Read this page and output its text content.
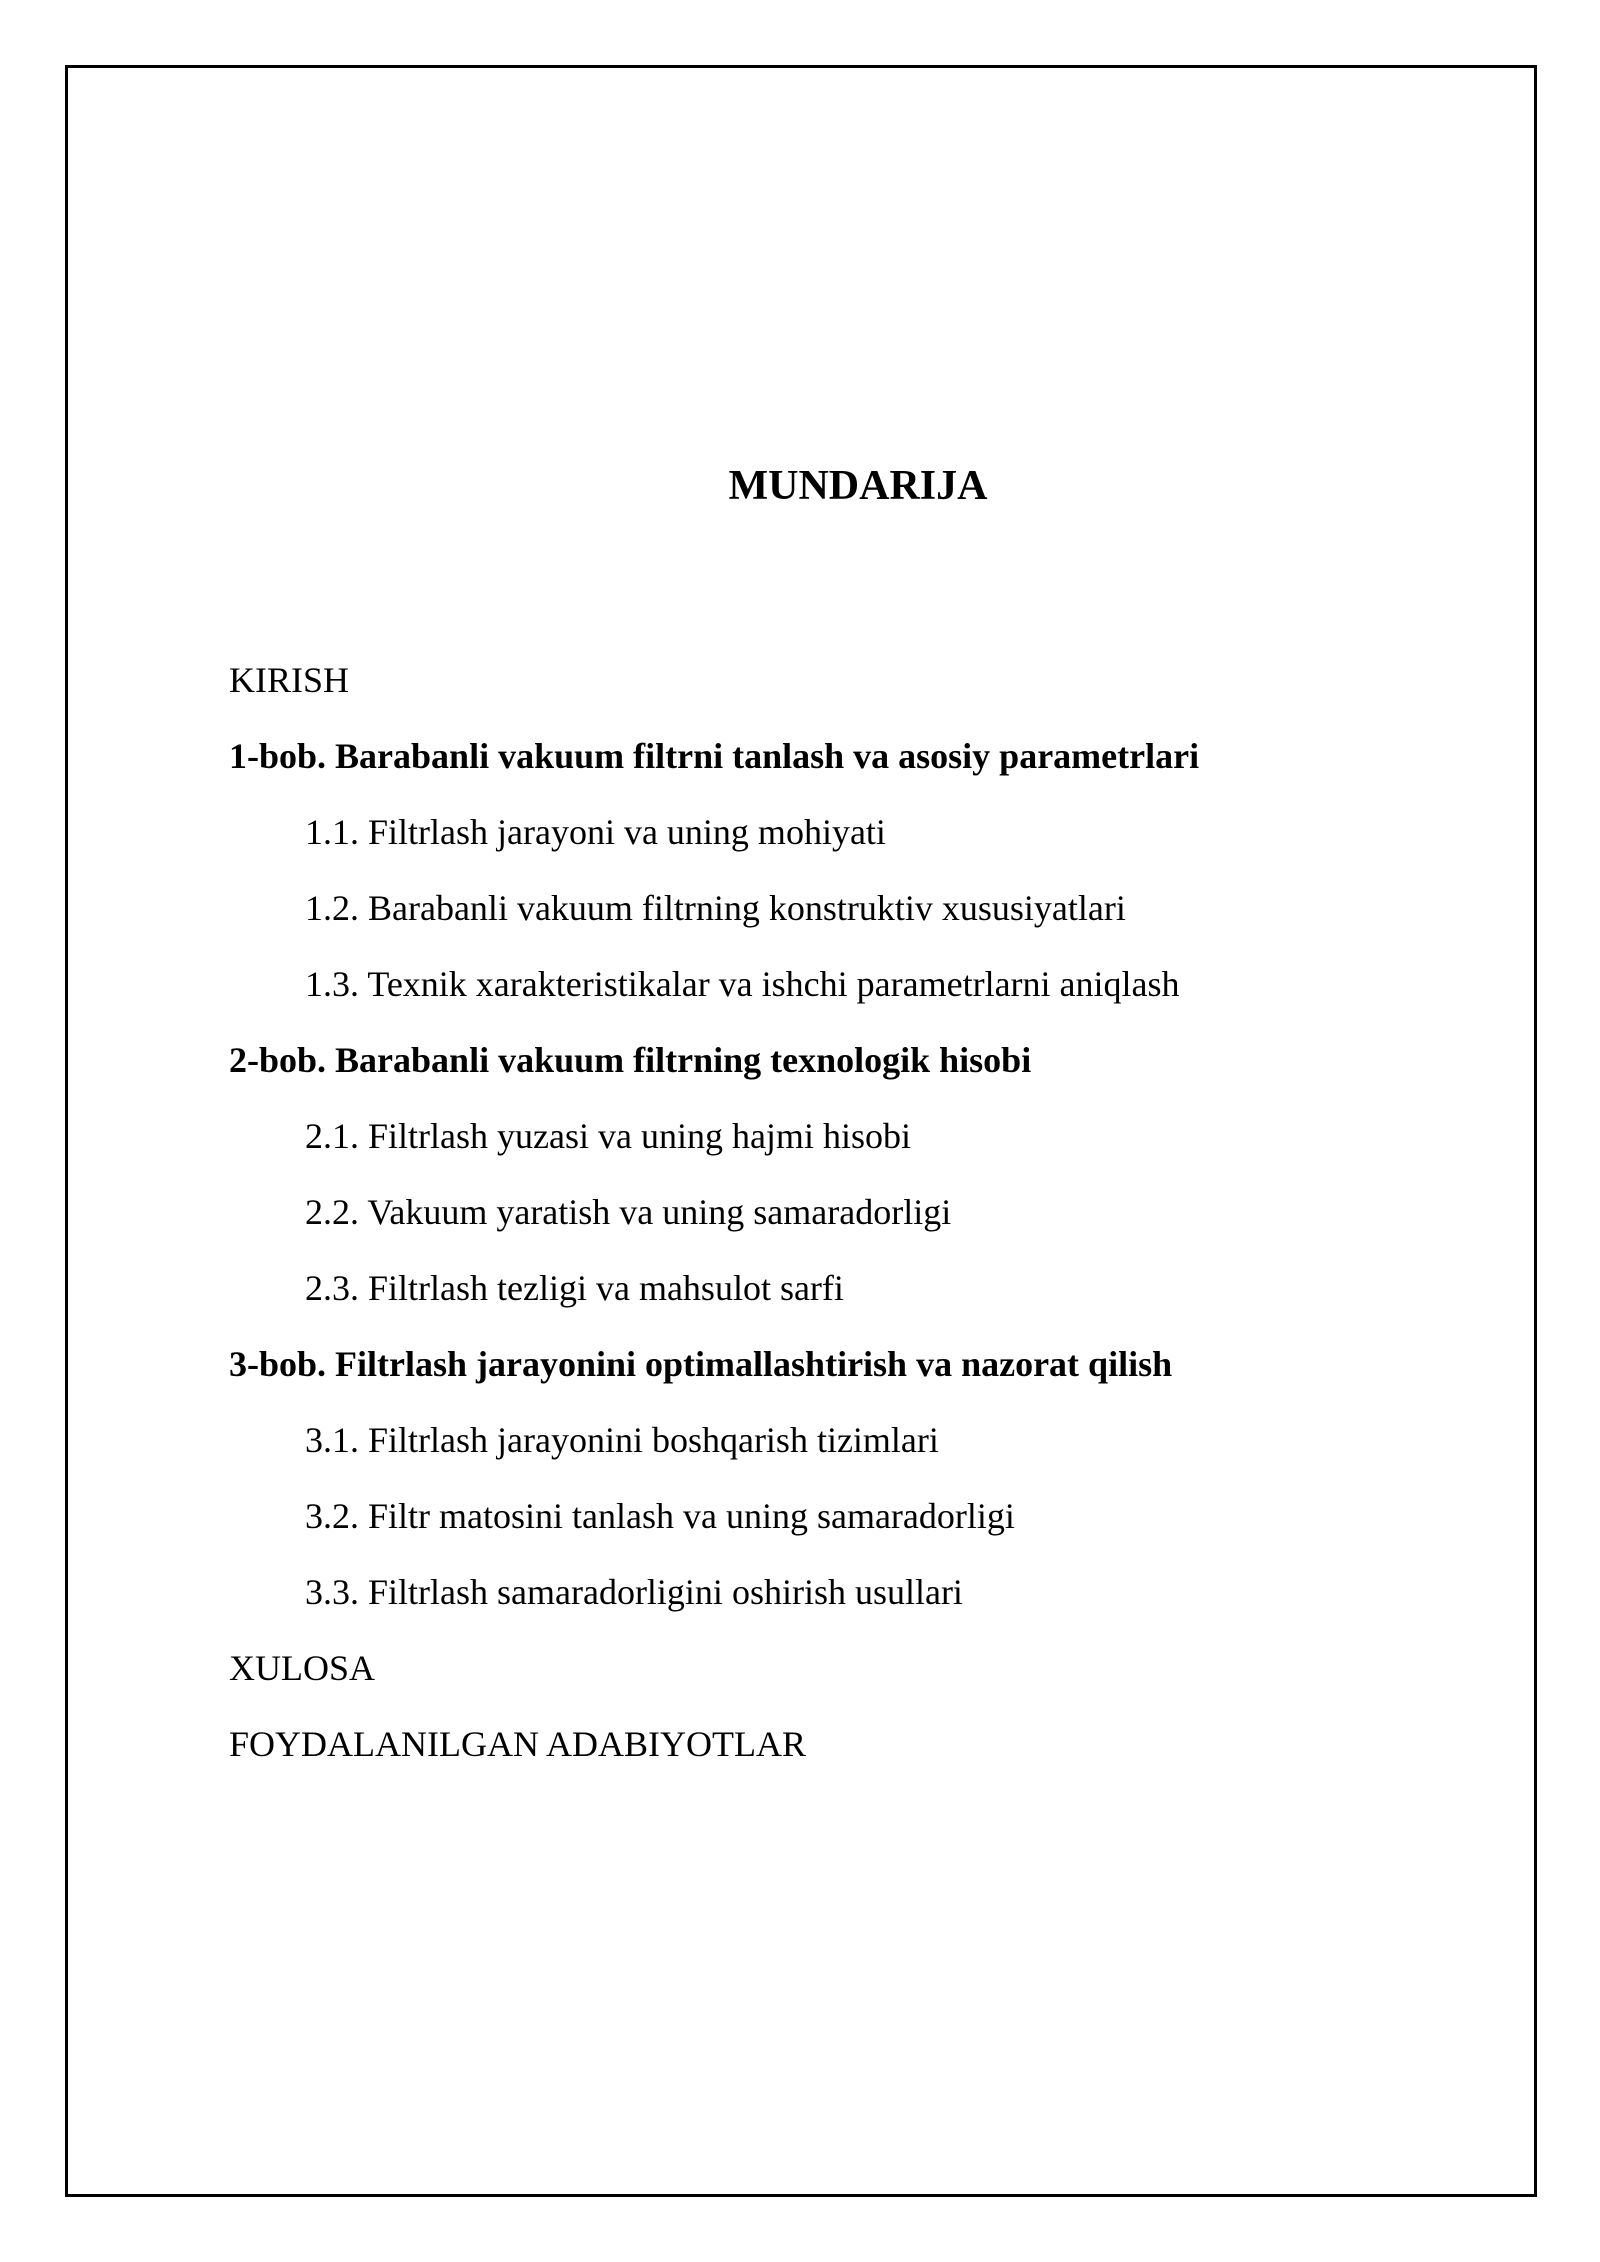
MUNDARIJA
KIRISH
1-bob. Barabanli vakuum filtrni tanlash va asosiy parametrlari
1.1. Filtrlash jarayoni va uning mohiyati
1.2. Barabanli vakuum filtrning konstruktiv xususiyatlari
1.3. Texnik xarakteristikalar va ishchi parametrlarni aniqlash
2-bob. Barabanli vakuum filtrning texnologik hisobi
2.1. Filtrlash yuzasi va uning hajmi hisobi
2.2. Vakuum yaratish va uning samaradorligi
2.3. Filtrlash tezligi va mahsulot sarfi
3-bob. Filtrlash jarayonini optimallashtirish va nazorat qilish
3.1. Filtrlash jarayonini boshqarish tizimlari
3.2. Filtr matosini tanlash va uning samaradorligi
3.3. Filtrlash samaradorligini oshirish usullari
XULOSA
FOYDALANILGAN ADABIYOTLAR
